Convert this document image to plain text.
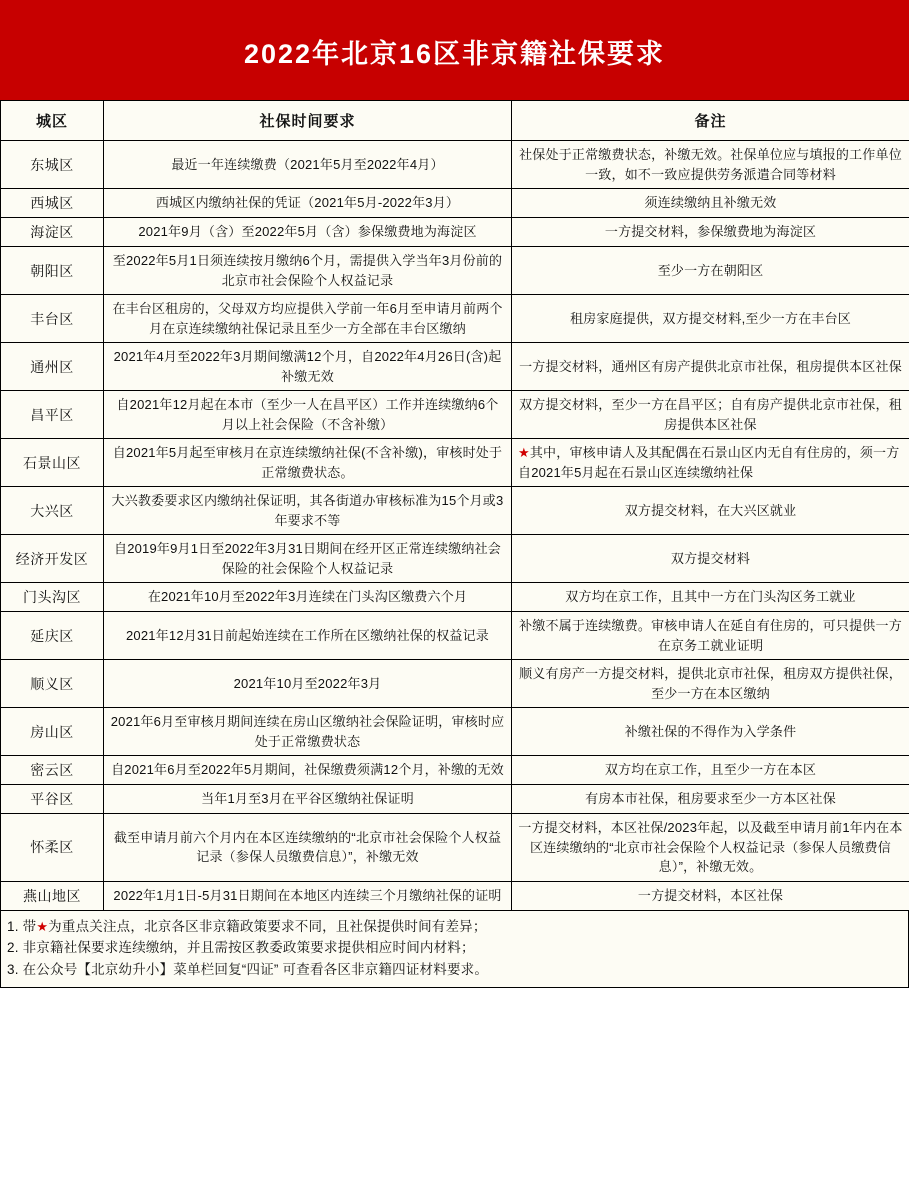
2022年北京16区非京籍社保要求
城区	社保时间要求	备注
东城区	最近一年连续缴费（2021年5月至2022年4月）	社保处于正常缴费状态，补缴无效。社保单位应与填报的工作单位一致，如不一致应提供劳务派遣合同等材料
西城区	西城区内缴纳社保的凭证（2021年5月-2022年3月）	须连续缴纳且补缴无效
海淀区	2021年9月（含）至2022年5月（含）参保缴费地为海淀区	一方提交材料，参保缴费地为海淀区
朝阳区	至2022年5月1日须连续按月缴纳6个月，需提供入学当年3月份前的北京市社会保险个人权益记录	至少一方在朝阳区
丰台区	在丰台区租房的，父母双方均应提供入学前一年6月至申请月前两个月在京连续缴纳社保记录且至少一方全部在丰台区缴纳	租房家庭提供，双方提交材料,至少一方在丰台区
通州区	2021年4月至2022年3月期间缴满12个月，自2022年4月26日(含)起补缴无效	一方提交材料，通州区有房产提供北京市社保，租房提供本区社保
昌平区	自2021年12月起在本市（至少一人在昌平区）工作并连续缴纳6个月以上社会保险（不含补缴）	双方提交材料，至少一方在昌平区；自有房产提供北京市社保，租房提供本区社保
石景山区	自2021年5月起至审核月在京连续缴纳社保(不含补缴)，审核时处于正常缴费状态。	★其中，审核申请人及其配偶在石景山区内无自有住房的，须一方自2021年5月起在石景山区连续缴纳社保
大兴区	大兴教委要求区内缴纳社保证明，其各街道办审核标准为15个月或3年要求不等	双方提交材料，在大兴区就业
经济开发区	自2019年9月1日至2022年3月31日期间在经开区正常连续缴纳社会保险的社会保险个人权益记录	双方提交材料
门头沟区	在2021年10月至2022年3月连续在门头沟区缴费六个月	双方均在京工作，且其中一方在门头沟区务工就业
延庆区	2021年12月31日前起始连续在工作所在区缴纳社保的权益记录	补缴不属于连续缴费。审核申请人在延自有住房的，可只提供一方在京务工就业证明
顺义区	2021年10月至2022年3月	顺义有房产一方提交材料，提供北京市社保，租房双方提供社保，至少一方在本区缴纳
房山区	2021年6月至审核月期间连续在房山区缴纳社会保险证明，审核时应处于正常缴费状态	补缴社保的不得作为入学条件
密云区	自2021年6月至2022年5月期间，社保缴费须满12个月，补缴的无效	双方均在京工作，且至少一方在本区
平谷区	当年1月至3月在平谷区缴纳社保证明	有房本市社保，租房要求至少一方本区社保
怀柔区	截至申请月前六个月内在本区连续缴纳的“北京市社会保险个人权益记录（参保人员缴费信息）”，补缴无效	一方提交材料，本区社保/2023年起，以及截至申请月前1年内在本区连续缴纳的“北京市社会保险个人权益记录（参保人员缴费信息）”，补缴无效。
燕山地区	2022年1月1日-5月31日期间在本地区内连续三个月缴纳社保的证明	一方提交材料，本区社保
1. 带★为重点关注点，北京各区非京籍政策要求不同，且社保提供时间有差异；
2. 非京籍社保要求连续缴纳，并且需按区教委政策要求提供相应时间内材料；
3. 在公众号【北京幼升小】菜单栏回复“四证” 可查看各区非京籍四证材料要求。
